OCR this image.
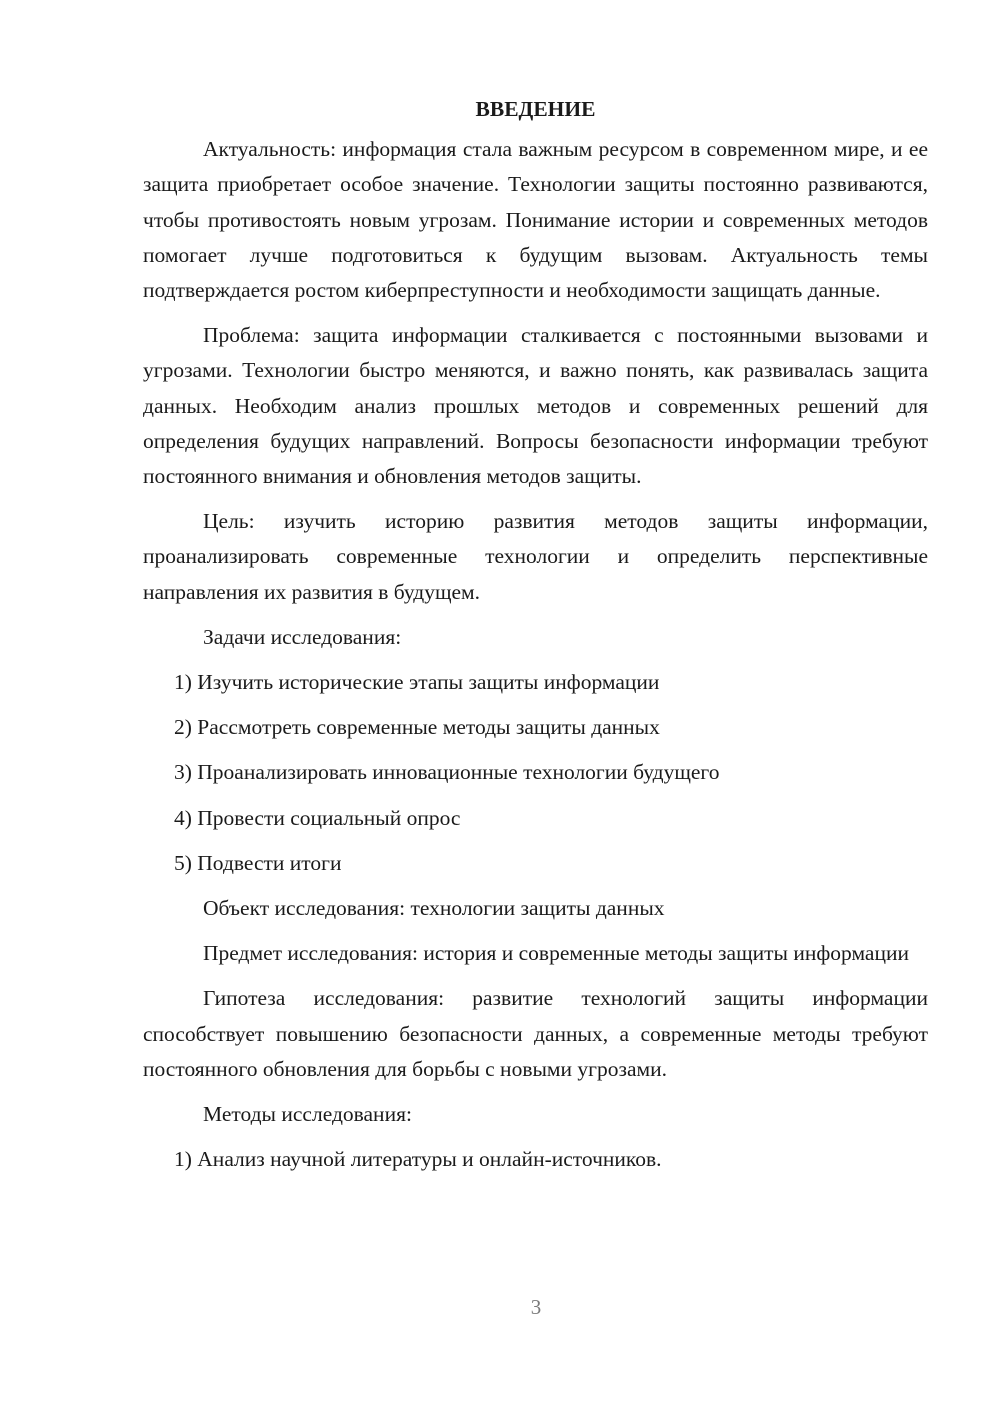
ВВЕДЕНИЕ

Актуальность: информация стала важным ресурсом в современном мире, и ее защита приобретает особое значение. Технологии защиты постоянно развиваются, чтобы противостоять новым угрозам. Понимание истории и современных методов помогает лучше подготовиться к будущим вызовам. Актуальность темы подтверждается ростом киберпреступности и необходимости защищать данные.

Проблема: защита информации сталкивается с постоянными вызовами и угрозами. Технологии быстро меняются, и важно понять, как развивалась защита данных. Необходим анализ прошлых методов и современных решений для определения будущих направлений. Вопросы безопасности информации требуют постоянного внимания и обновления методов защиты.

Цель: изучить историю развития методов защиты информации, проанализировать современные технологии и определить перспективные направления их развития в будущем.

Задачи исследования:

1) Изучить исторические этапы защиты информации

2) Рассмотреть современные методы защиты данных

3) Проанализировать инновационные технологии будущего

4) Провести социальный опрос

5) Подвести итоги

Объект исследования: технологии защиты данных

Предмет исследования: история и современные методы защиты информации

Гипотеза исследования: развитие технологий защиты информации способствует повышению безопасности данных, а современные методы требуют постоянного обновления для борьбы с новыми угрозами.

Методы исследования:

1) Анализ научной литературы и онлайн-источников.

3
